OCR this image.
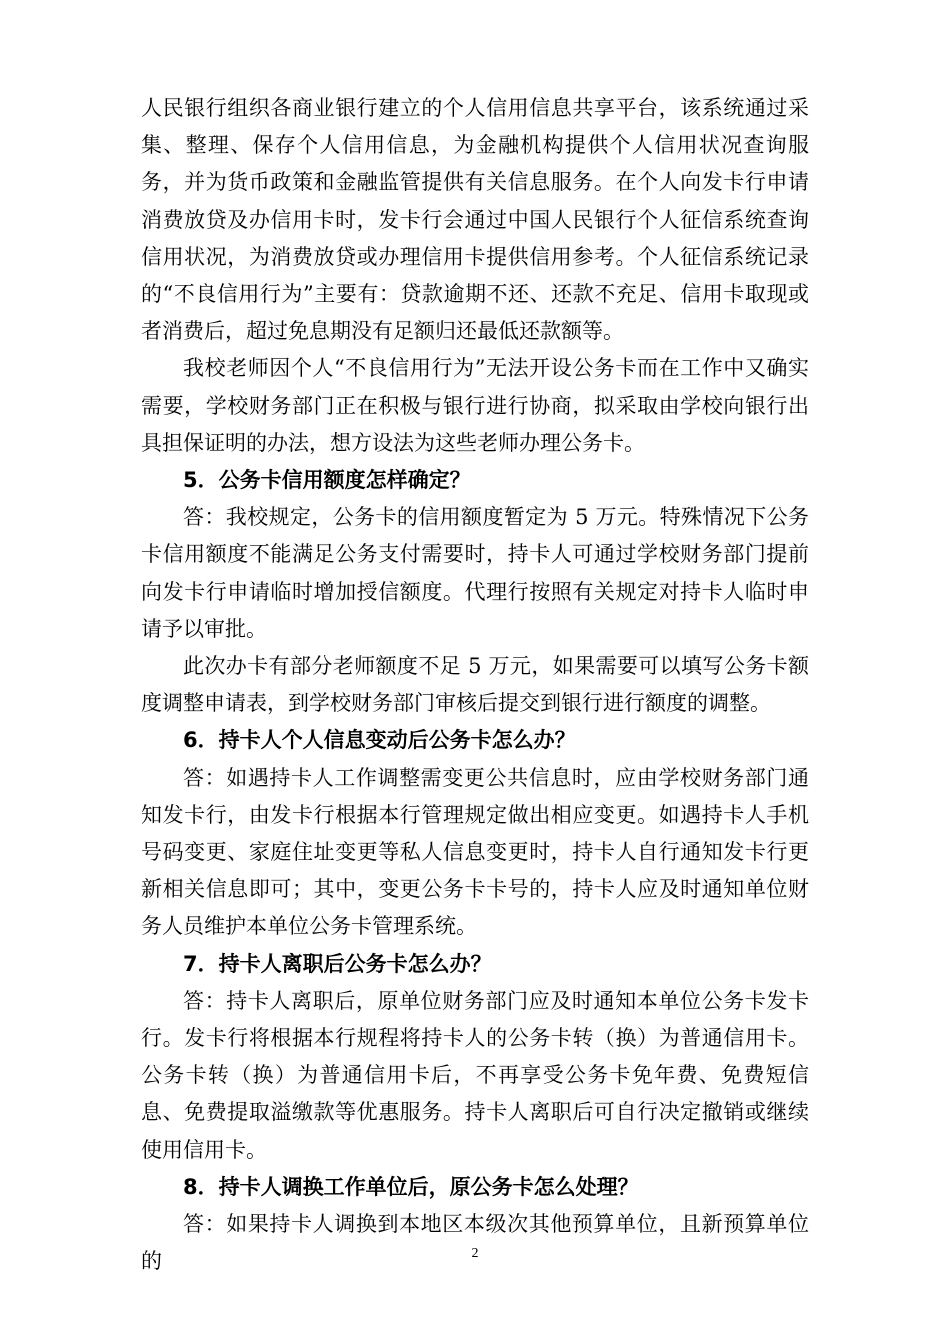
人民银行组织各商业银行建立的个人信用信息共享平台，该系统通过采集、整理、保存个人信用信息，为金融机构提供个人信用状况查询服务，并为货币政策和金融监管提供有关信息服务。在个人向发卡行申请消费放贷及办信用卡时，发卡行会通过中国人民银行个人征信系统查询信用状况，为消费放贷或办理信用卡提供信用参考。个人征信系统记录的“不良信用行为”主要有：贷款逾期不还、还款不充足、信用卡取现或者消费后，超过免息期没有足额归还最低还款额等。

我校老师因个人“不良信用行为”无法开设公务卡而在工作中又确实需要，学校财务部门正在积极与银行进行协商，拟采取由学校向银行出具担保证明的办法，想方设法为这些老师办理公务卡。

5．公务卡信用额度怎样确定？

答：我校规定，公务卡的信用额度暂定为 5 万元。特殊情况下公务卡信用额度不能满足公务支付需要时，持卡人可通过学校财务部门提前向发卡行申请临时增加授信额度。代理行按照有关规定对持卡人临时申请予以审批。

此次办卡有部分老师额度不足 5 万元，如果需要可以填写公务卡额度调整申请表，到学校财务部门审核后提交到银行进行额度的调整。

6．持卡人个人信息变动后公务卡怎么办？

答：如遇持卡人工作调整需变更公共信息时，应由学校财务部门通知发卡行，由发卡行根据本行管理规定做出相应变更。如遇持卡人手机号码变更、家庭住址变更等私人信息变更时，持卡人自行通知发卡行更新相关信息即可；其中，变更公务卡卡号的，持卡人应及时通知单位财务人员维护本单位公务卡管理系统。

7．持卡人离职后公务卡怎么办？

答：持卡人离职后，原单位财务部门应及时通知本单位公务卡发卡行。发卡行将根据本行规程将持卡人的公务卡转（换）为普通信用卡。公务卡转（换）为普通信用卡后，不再享受公务卡免年费、免费短信息、免费提取溢缴款等优惠服务。持卡人离职后可自行决定撤销或继续使用信用卡。

8．持卡人调换工作单位后，原公务卡怎么处理？

答：如果持卡人调换到本地区本级次其他预算单位，且新预算单位的	2
